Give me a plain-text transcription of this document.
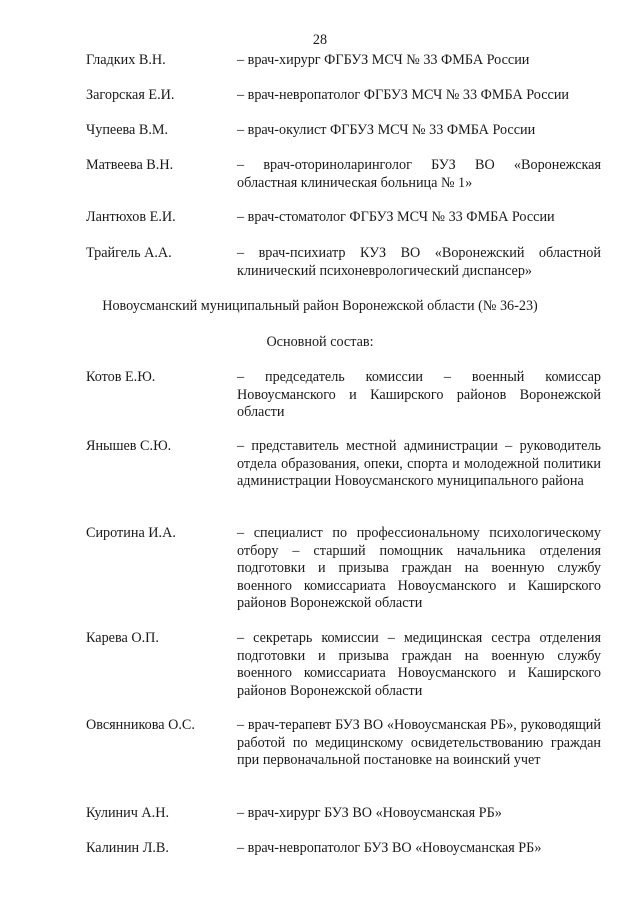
28
Гладких В.Н.	– врач-хирург ФГБУЗ МСЧ № 33 ФМБА России
Загорская Е.И.	– врач-невропатолог ФГБУЗ МСЧ № 33 ФМБА России
Чупеева В.М.	– врач-окулист ФГБУЗ МСЧ № 33 ФМБА России
Матвеева В.Н.	– врач-оториноларинголог БУЗ ВО «Воронежская областная клиническая больница № 1»
Лантюхов Е.И.	– врач-стоматолог ФГБУЗ МСЧ № 33 ФМБА России
Трайгель А.А.	– врач-психиатр КУЗ ВО «Воронежский областной клинический психоневрологический диспансер»
Новоусманский муниципальный район Воронежской области (№ 36-23)
Основной состав:
Котов Е.Ю.	– председатель комиссии – военный комиссар Новоусманского и Каширского районов Воронежской области
Янышев С.Ю.	– представитель местной администрации – руководитель отдела образования, опеки, спорта и молодежной политики администрации Новоусманского муниципального района
Сиротина И.А.	– специалист по профессиональному психологическому отбору – старший помощник начальника отделения подготовки и призыва граждан на военную службу военного комиссариата Новоусманского и Каширского районов Воронежской области
Карева О.П.	– секретарь комиссии – медицинская сестра отделения подготовки и призыва граждан на военную службу военного комиссариата Новоусманского и Каширского районов Воронежской области
Овсянникова О.С.	– врач-терапевт БУЗ ВО «Новоусманская РБ», руководящий работой по медицинскому освидетельствованию граждан при первоначальной постановке на воинский учет
Кулинич А.Н.	– врач-хирург БУЗ ВО «Новоусманская РБ»
Калинин Л.В.	– врач-невропатолог БУЗ ВО «Новоусманская РБ»
